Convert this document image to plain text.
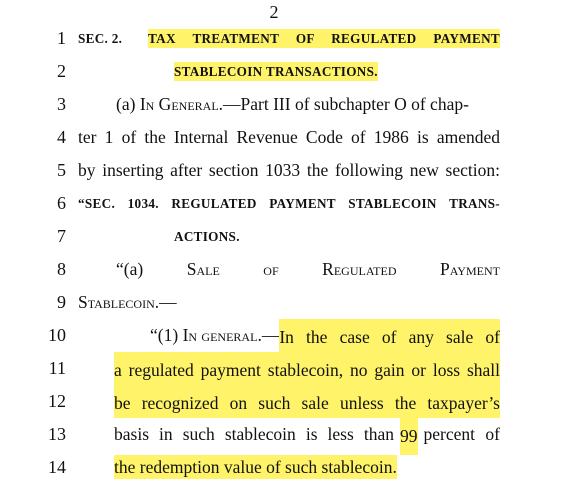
2
1 SEC. 2. TAX TREATMENT OF REGULATED PAYMENT
2	STABLECOIN TRANSACTIONS.
3	(a) In General.—Part III of subchapter O of chap-
4 ter 1 of the Internal Revenue Code of 1986 is amended
5 by inserting after section 1033 the following new section:
6 “SEC. 1034. REGULATED PAYMENT STABLECOIN TRANS-
7	ACTIONS.
8	“(a) Sale of Regulated Payment
9 Stablecoin.—
10	“(1) In general.— In the case of any sale of
11	a regulated payment stablecoin, no gain or loss shall
12	be recognized on such sale unless the taxpayer’s
13	basis in such stablecoin is less than 99 percent of
14	the redemption value of such stablecoin.
